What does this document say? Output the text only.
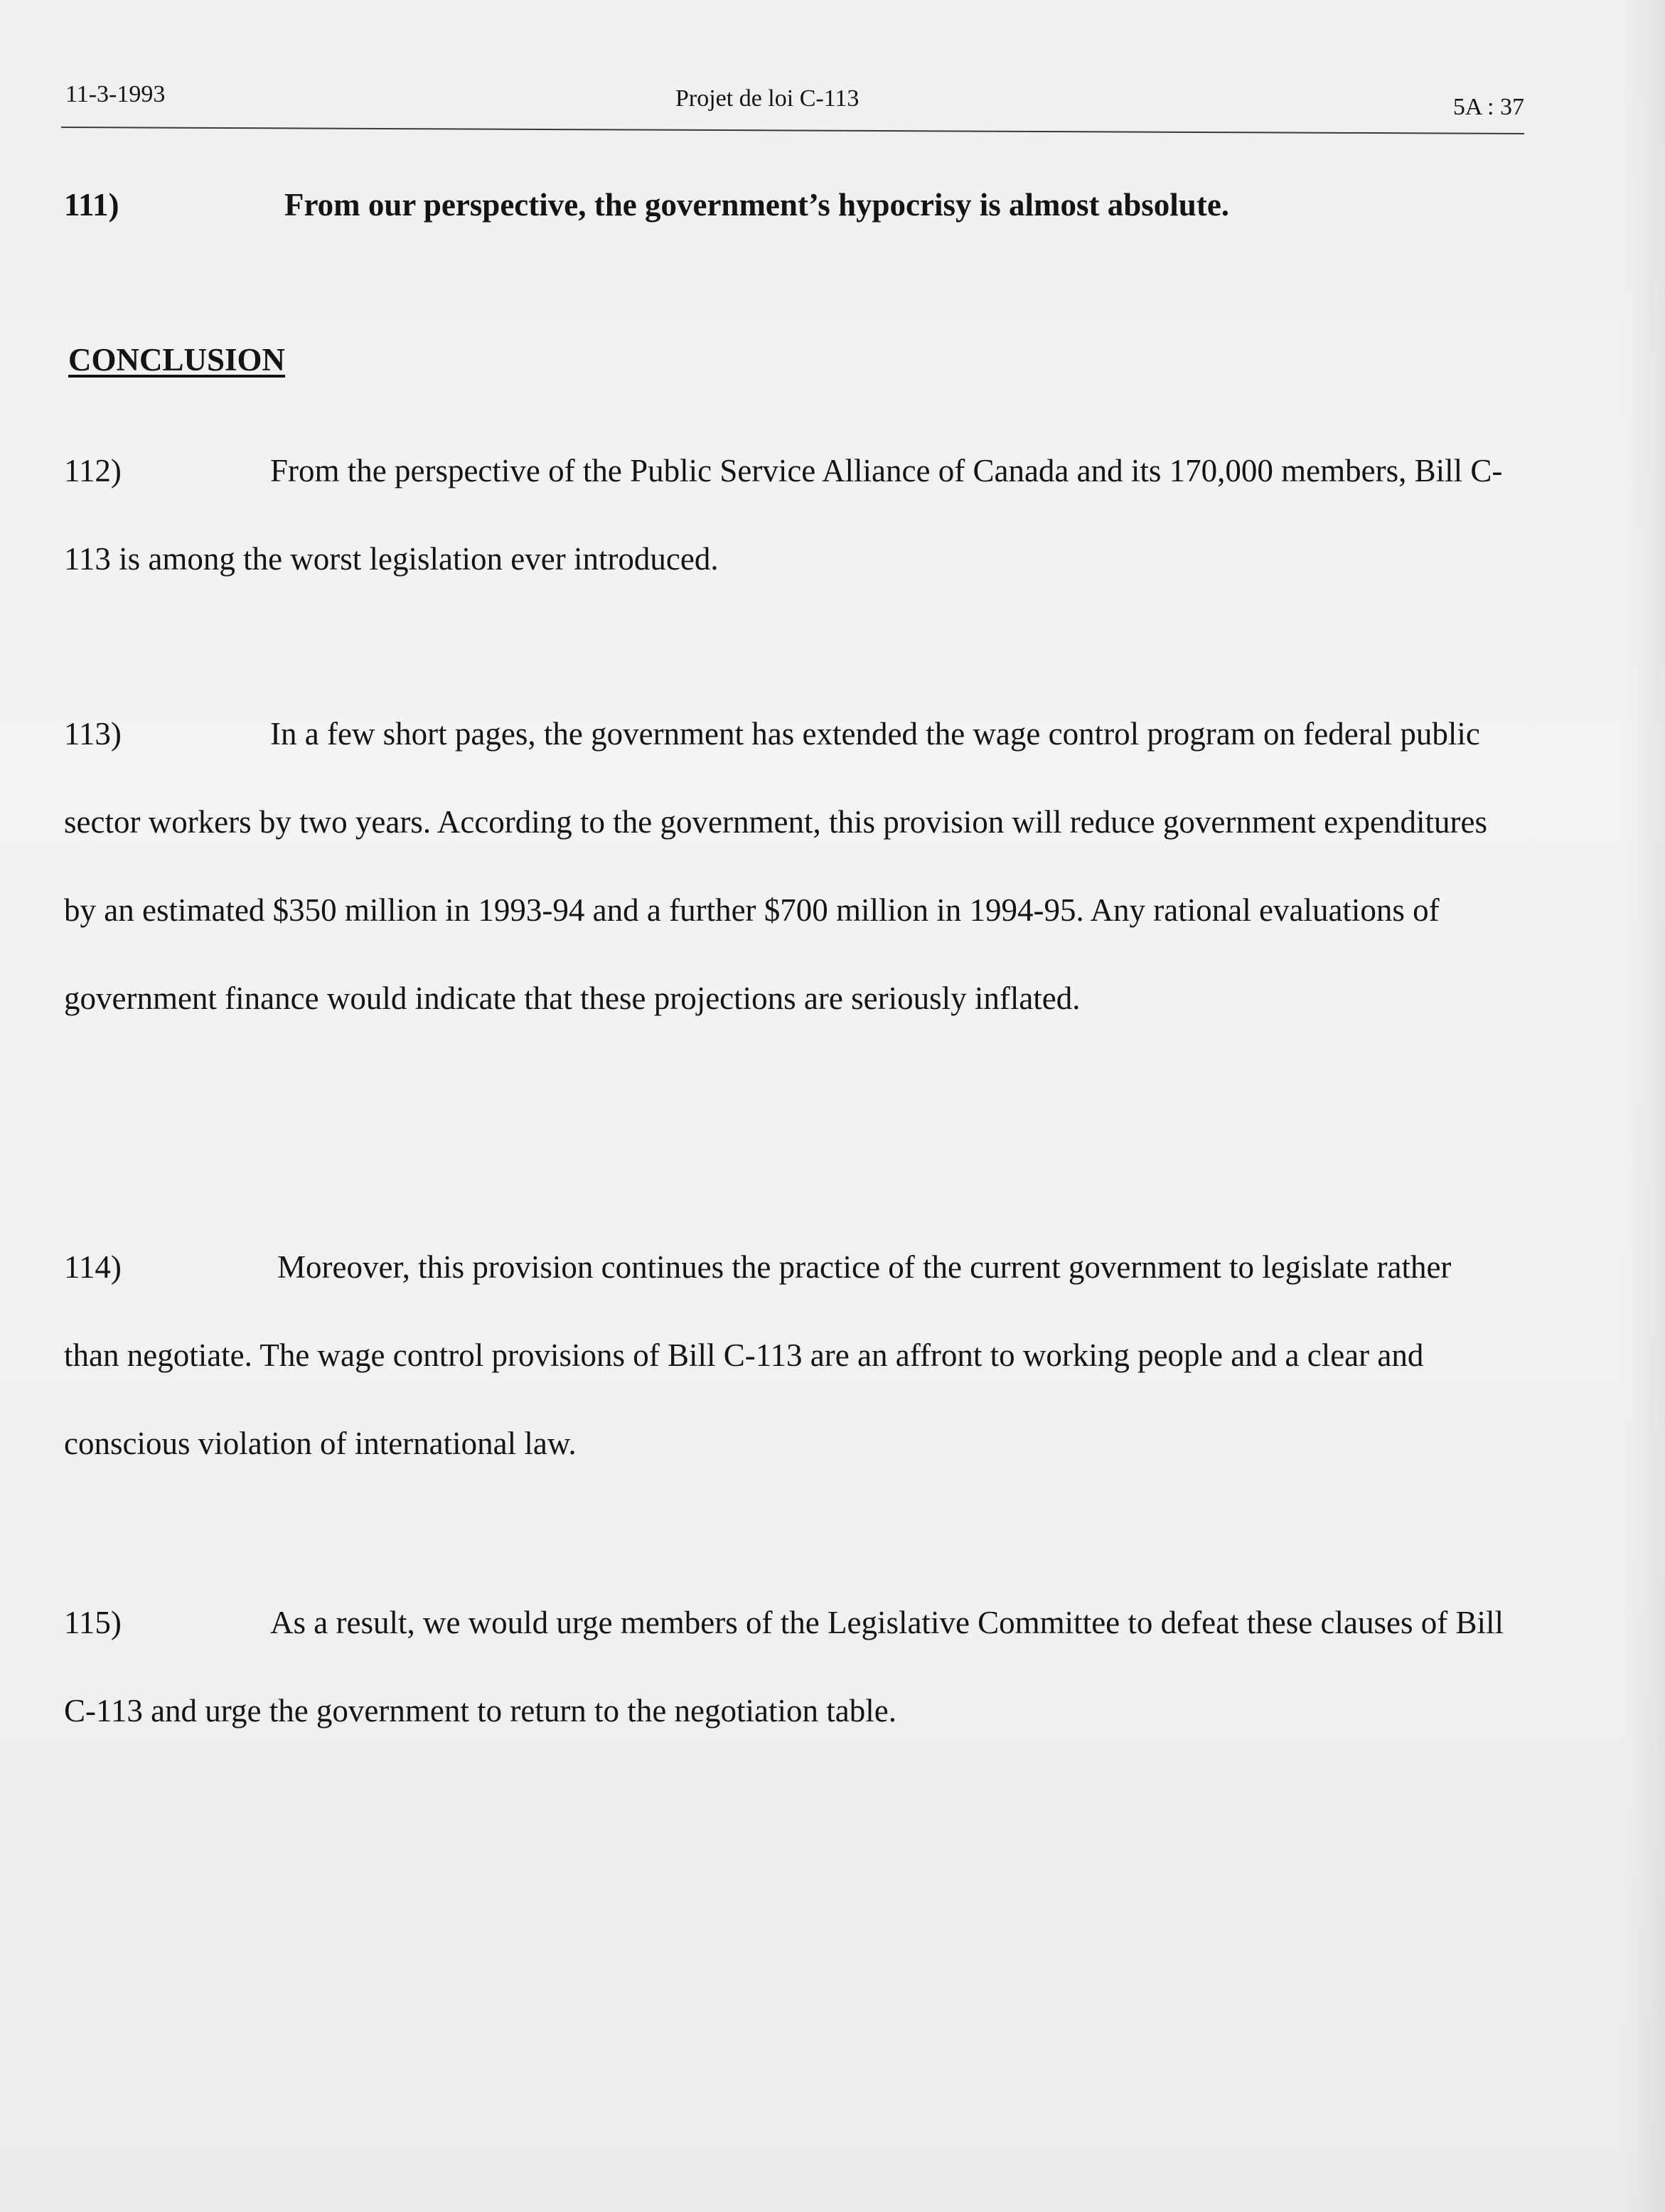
11-3-1993	Projet de loi C-113	5A : 37

111)	From our perspective, the government’s hypocrisy is almost absolute.

CONCLUSION

112)	From the perspective of the Public Service Alliance of Canada and its 170,000 members, Bill C-113 is among the worst legislation ever introduced.

113)	In a few short pages, the government has extended the wage control program on federal public sector workers by two years. According to the government, this provision will reduce government expenditures by an estimated $350 million in 1993-94 and a further $700 million in 1994-95. Any rational evaluations of government finance would indicate that these projections are seriously inflated.

114)	Moreover, this provision continues the practice of the current government to legislate rather than negotiate. The wage control provisions of Bill C-113 are an affront to working people and a clear and conscious violation of international law.

115)	As a result, we would urge members of the Legislative Committee to defeat these clauses of Bill C-113 and urge the government to return to the negotiation table.
